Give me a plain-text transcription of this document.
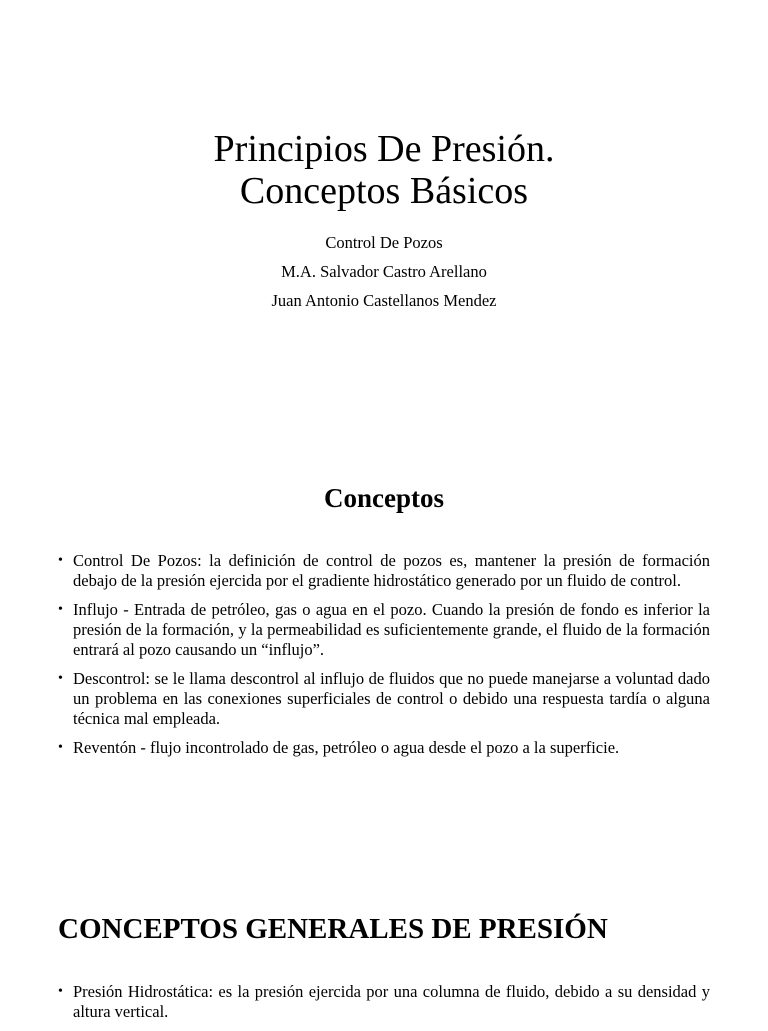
Principios De Presión.
Conceptos Básicos
Control De Pozos
M.A. Salvador Castro Arellano
Juan Antonio Castellanos Mendez
Conceptos
• Control De Pozos: la definición de control de pozos es, mantener la presión de formación debajo de la presión ejercida por el gradiente hidrostático generado por un fluido de control.
• Influjo - Entrada de petróleo, gas o agua en el pozo. Cuando la presión de fondo es inferior la presión de la formación, y la permeabilidad es suficientemente grande, el fluido de la formación entrará al pozo causando un “influjo”.
• Descontrol: se le llama descontrol al influjo de fluidos que no puede manejarse a voluntad dado un problema en las conexiones superficiales de control o debido una respuesta tardía o alguna técnica mal empleada.
• Reventón - flujo incontrolado de gas, petróleo o agua desde el pozo a la superficie.
CONCEPTOS GENERALES DE PRESIÓN
• Presión Hidrostática: es la presión ejercida por una columna de fluido, debido a su densidad y altura vertical.
